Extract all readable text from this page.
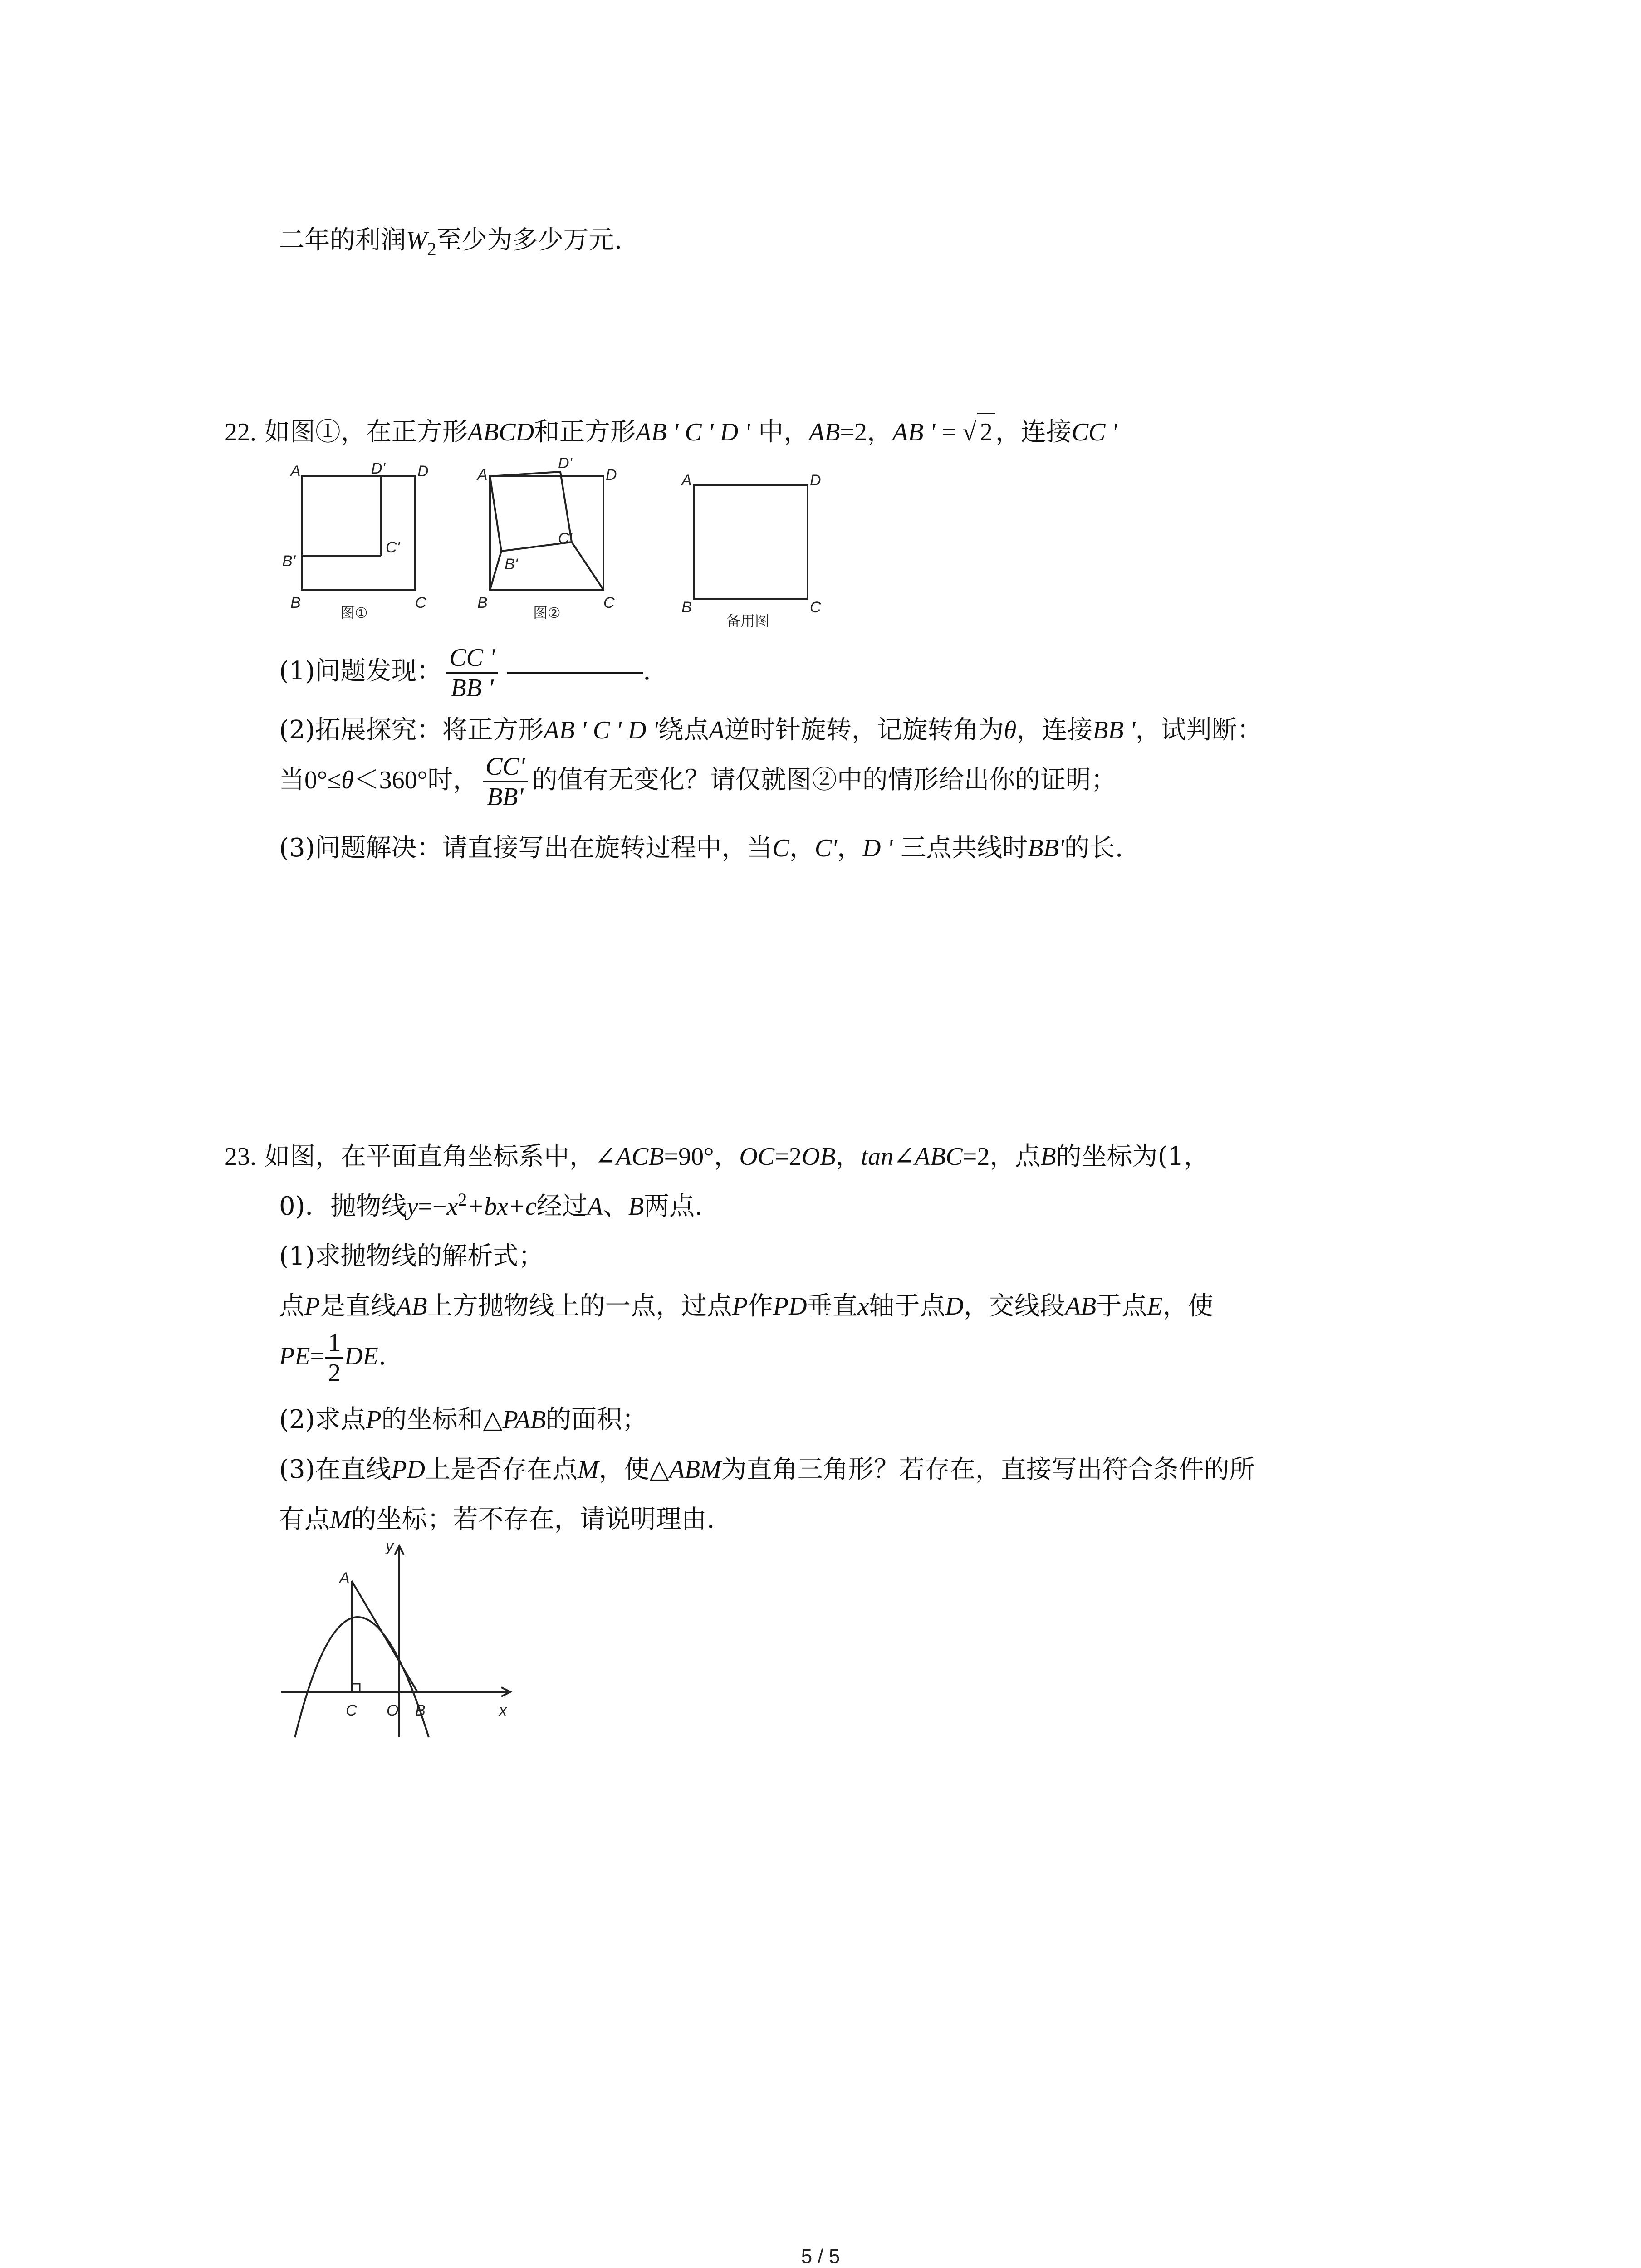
二年的利润$W_2$至少为多少万元.
22. 如图①，在正方形ABCD和正方形AB ' C ' D ' 中，AB=2，AB ' = √ 2 ，连接CC '
A	D' D
B'
C'
B	C
A
D'
D
C'
B'
B	C
A	D
B	C
图①	图②	备用图
(1)问题发现： $\frac{CC '}{BB '}$	.
(2)拓展探究：将正方形AB ' C ' D '绕点A逆时针旋转，记旋转角为θ，连接BB '，试判断：
当0°≤θ＜360°时， $\frac{CC'}{BB'}$ 的值有无变化？请仅就图②中的情形给出你的证明；
(3)问题解决：请直接写出在旋转过程中，当C，C'，D ' 三点共线时BB'的长.
23. 如图，在平面直角坐标系中，∠ACB=90°，OC=2OB，tan∠ABC=2，点B的坐标为(1，
0)．抛物线$y=-x^2+bx+c$经过A、B两点．
(1)求抛物线的解析式；
点P是直线AB上方抛物线上的一点，过点P作PD垂直x轴于点D，交线段AB于点E，使
$PE= \frac{1}{2}$ DE.
(2)求点P的坐标和△PAB的面积；
(3)在直线PD上是否存在点M，使△ABM为直角三角形？若存在，直接写出符合条件的所
有点M的坐标；若不存在，请说明理由.
A
C O B	x
y
5 / 5
